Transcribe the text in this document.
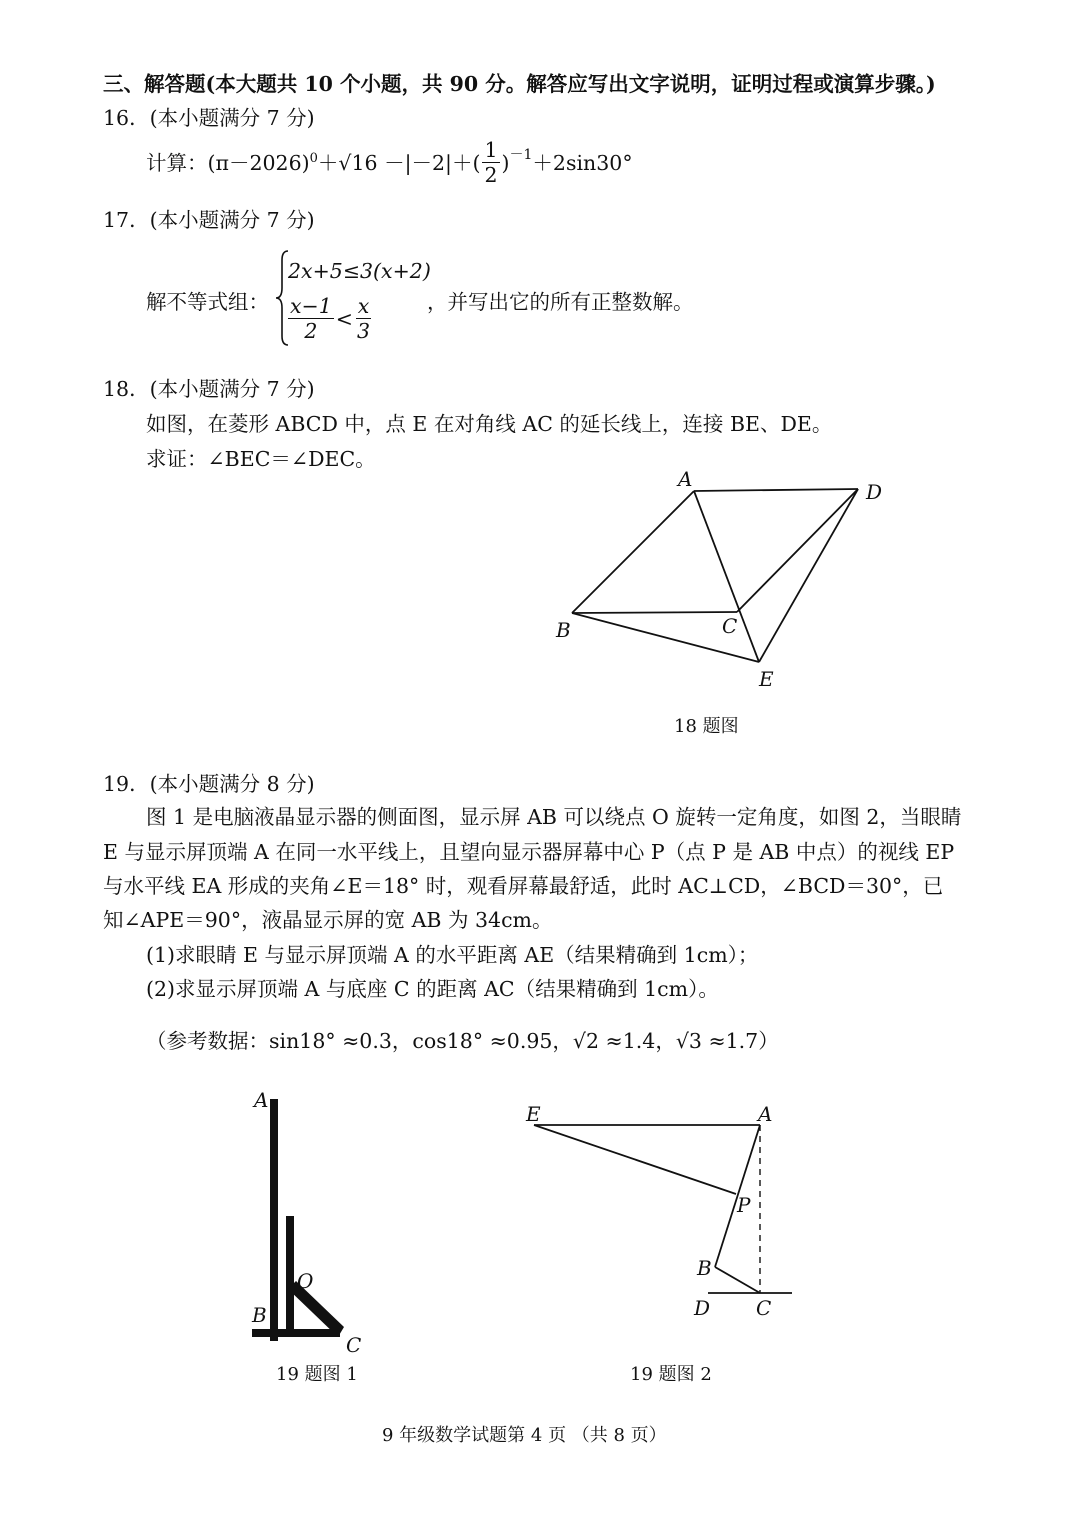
三、解答题(本大题共 10 个小题，共 90 分。解答应写出文字说明，证明过程或演算步骤。)
16．(本小题满分 7 分)
计算： $(\pi-2026)^0 +√16 -|-2|+( \frac{1}{2} )^{-1} +2\sin 30^\circ$
17．(本小题满分 7 分)
解不等式组：
2x+5≤3(x+2)
$\frac{x-1}{2} < \frac{x}{3}$	，并写出它的所有正整数解。
18．(本小题满分 7 分)
如图，在菱形 ABCD 中，点 E 在对角线 AC 的延长线上，连接 BE、DE。
求证：∠BEC＝∠DEC。
A
D
B	C
E
18 题图
19．(本小题满分 8 分)
图 1 是电脑液晶显示器的侧面图，显示屏 AB 可以绕点 O 旋转一定角度，如图 2，当眼睛
E 与显示屏顶端 A 在同一水平线上，且望向显示器屏幕中心 P（点 P 是 AB 中点）的视线 EP
与水平线 EA 形成的夹角∠E＝18° 时，观看屏幕最舒适，此时 AC⊥CD，∠BCD＝30°，已
知∠APE＝90°，液晶显示屏的宽 AB 为 34cm。
(1)求眼睛 E 与显示屏顶端 A 的水平距离 AE（结果精确到 1cm）；
(2)求显示屏顶端 A 与底座 C 的距离 AC（结果精确到 1cm）。
（参考数据：sin18° ≈0.3，cos18° ≈0.95，√2 ≈1.4，√3 ≈1.7）
A
O
B
C
19 题图 1
E	A
P
B
D C
19 题图 2
9 年级数学试题第 4 页 （共 8 页）
